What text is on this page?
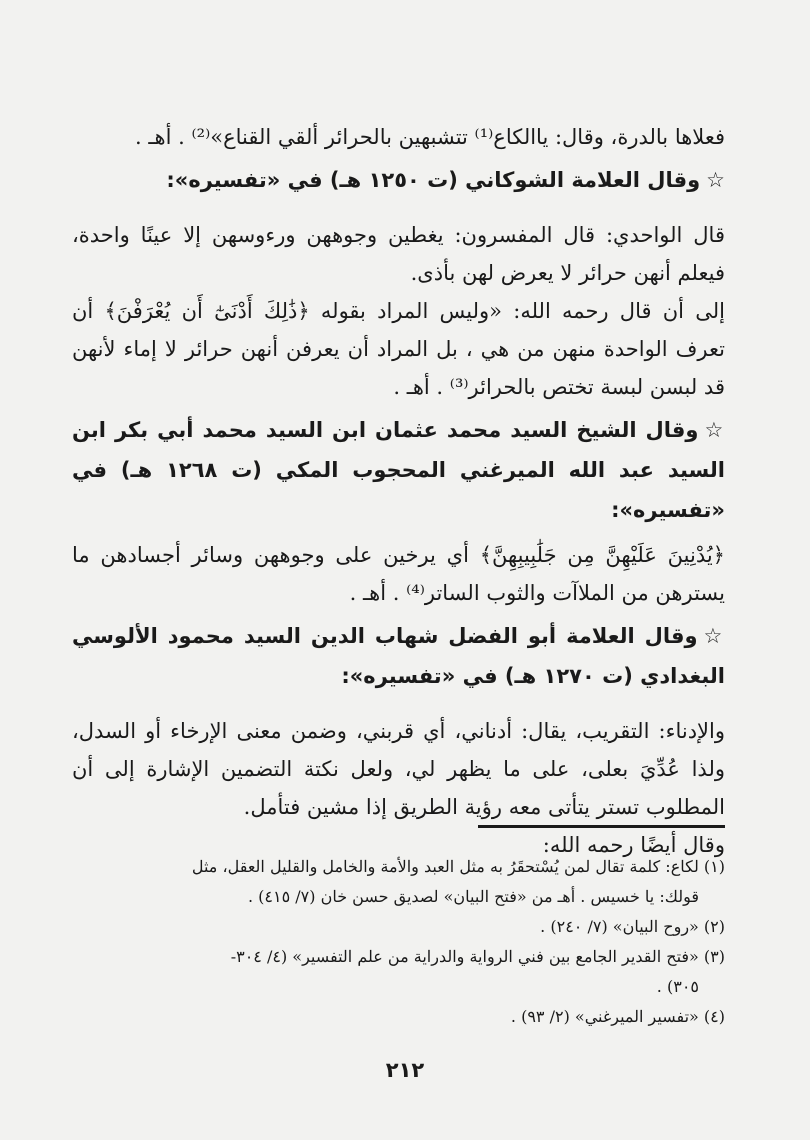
فعلاها بالدرة، وقال: ياالكاع⁽¹⁾ تتشبهين بالحرائر ألقي القناع»⁽²⁾ . أهـ .

☆وقال العلامة الشوكاني (ت ١٢٥٠ هـ) في «تفسيره»:

قال الواحدي: قال المفسرون: يغطين وجوههن ورءوسهن إلا عينًا واحدة، فيعلم أنهن حرائر لا يعرض لهن بأذى.

إلى أن قال رحمه الله: «وليس المراد بقوله ﴿ذَٰلِكَ أَدْنَىٰٓ أَن يُعْرَفْنَ﴾ أن تعرف الواحدة منهن من هي ، بل المراد أن يعرفن أنهن حرائر لا إماء لأنهن قد لبسن لبسة تختص بالحرائر⁽³⁾ . أهـ .

☆وقال الشيخ السيد محمد عثمان ابن السيد محمد أبي بكر ابن السيد عبد الله الميرغني المحجوب المكي (ت ١٢٦٨ هـ) في «تفسيره»:

﴿يُدْنِينَ عَلَيْهِنَّ مِن جَلَٰبِيبِهِنَّ﴾ أي يرخين على وجوههن وسائر أجسادهن ما يسترهن من الملاآت والثوب الساتر⁽⁴⁾ . أهـ .

☆وقال العلامة أبو الفضل شهاب الدين السيد محمود الألوسي البغدادي (ت ١٢٧٠ هـ) في «تفسيره»:

والإدناء: التقريب، يقال: أدناني، أي قربني، وضمن معنى الإرخاء أو السدل، ولذا عُدِّيَ بعلى، على ما يظهر لي، ولعل نكتة التضمين الإشارة إلى أن المطلوب تستر يتأتى معه رؤية الطريق إذا مشين فتأمل.

وقال أيضًا رحمه الله:

(١) لكاع: كلمة تقال لمن يُسْتحقَرُ به مثل العبد والأمة والخامل والقليل العقل، مثل
قولك: يا خسيس . أهـ من «فتح البيان» لصديق حسن خان (٧/ ٤١٥) .

(٢) «روح البيان» (٧/ ٢٤٠) .

(٣) «فتح القدير الجامع بين فني الرواية والدراية من علم التفسير» (٤/ ٣٠٤-
٣٠٥) .

(٤) «تفسير الميرغني» (٢/ ٩٣) .

٢١٢
